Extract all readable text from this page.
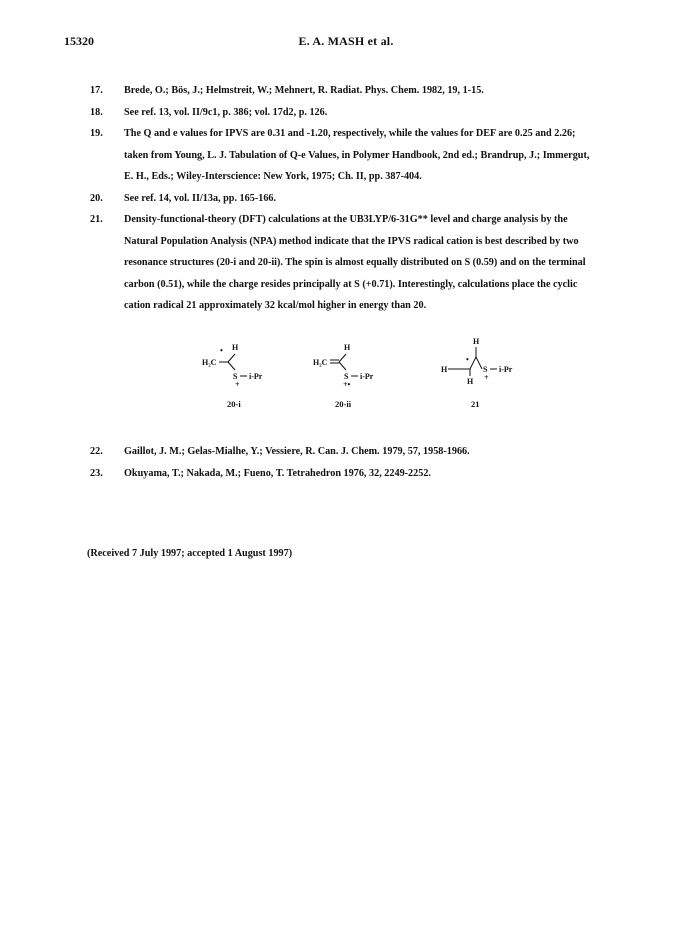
15320	E. A. MASH et al.
17.	Brede, O.; Bös, J.; Helmstreit, W.; Mehnert, R. Radiat. Phys. Chem. 1982, 19, 1-15.
18.	See ref. 13, vol. II/9c1, p. 386; vol. 17d2, p. 126.
19.	The Q and e values for IPVS are 0.31 and -1.20, respectively, while the values for DEF are 0.25 and 2.26; taken from Young, L. J. Tabulation of Q-e Values, in Polymer Handbook, 2nd ed.; Brandrup, J.; Immergut, E. H., Eds.; Wiley-Interscience: New York, 1975; Ch. II, pp. 387-404.
20.	See ref. 14, vol. II/13a, pp. 165-166.
21.	Density-functional-theory (DFT) calculations at the UB3LYP/6-31G** level and charge analysis by the Natural Population Analysis (NPA) method indicate that the IPVS radical cation is best described by two resonance structures (20-i and 20-ii). The spin is almost equally distributed on S (0.59) and on the terminal carbon (0.51), while the charge resides principally at S (+0.71). Interestingly, calculations place the cyclic cation radical 21 approximately 32 kcal/mol higher in energy than 20.
• H
H₂C
S i-Pr
+
20-i
H
H₂C
S i-Pr
+•
20-ii
H
•
H	S i-Pr
H +
21
22.	Gaillot, J. M.; Gelas-Mialhe, Y.; Vessiere, R. Can. J. Chem. 1979, 57, 1958-1966.
23.	Okuyama, T.; Nakada, M.; Fueno, T. Tetrahedron 1976, 32, 2249-2252.
(Received 7 July 1997; accepted 1 August 1997)
